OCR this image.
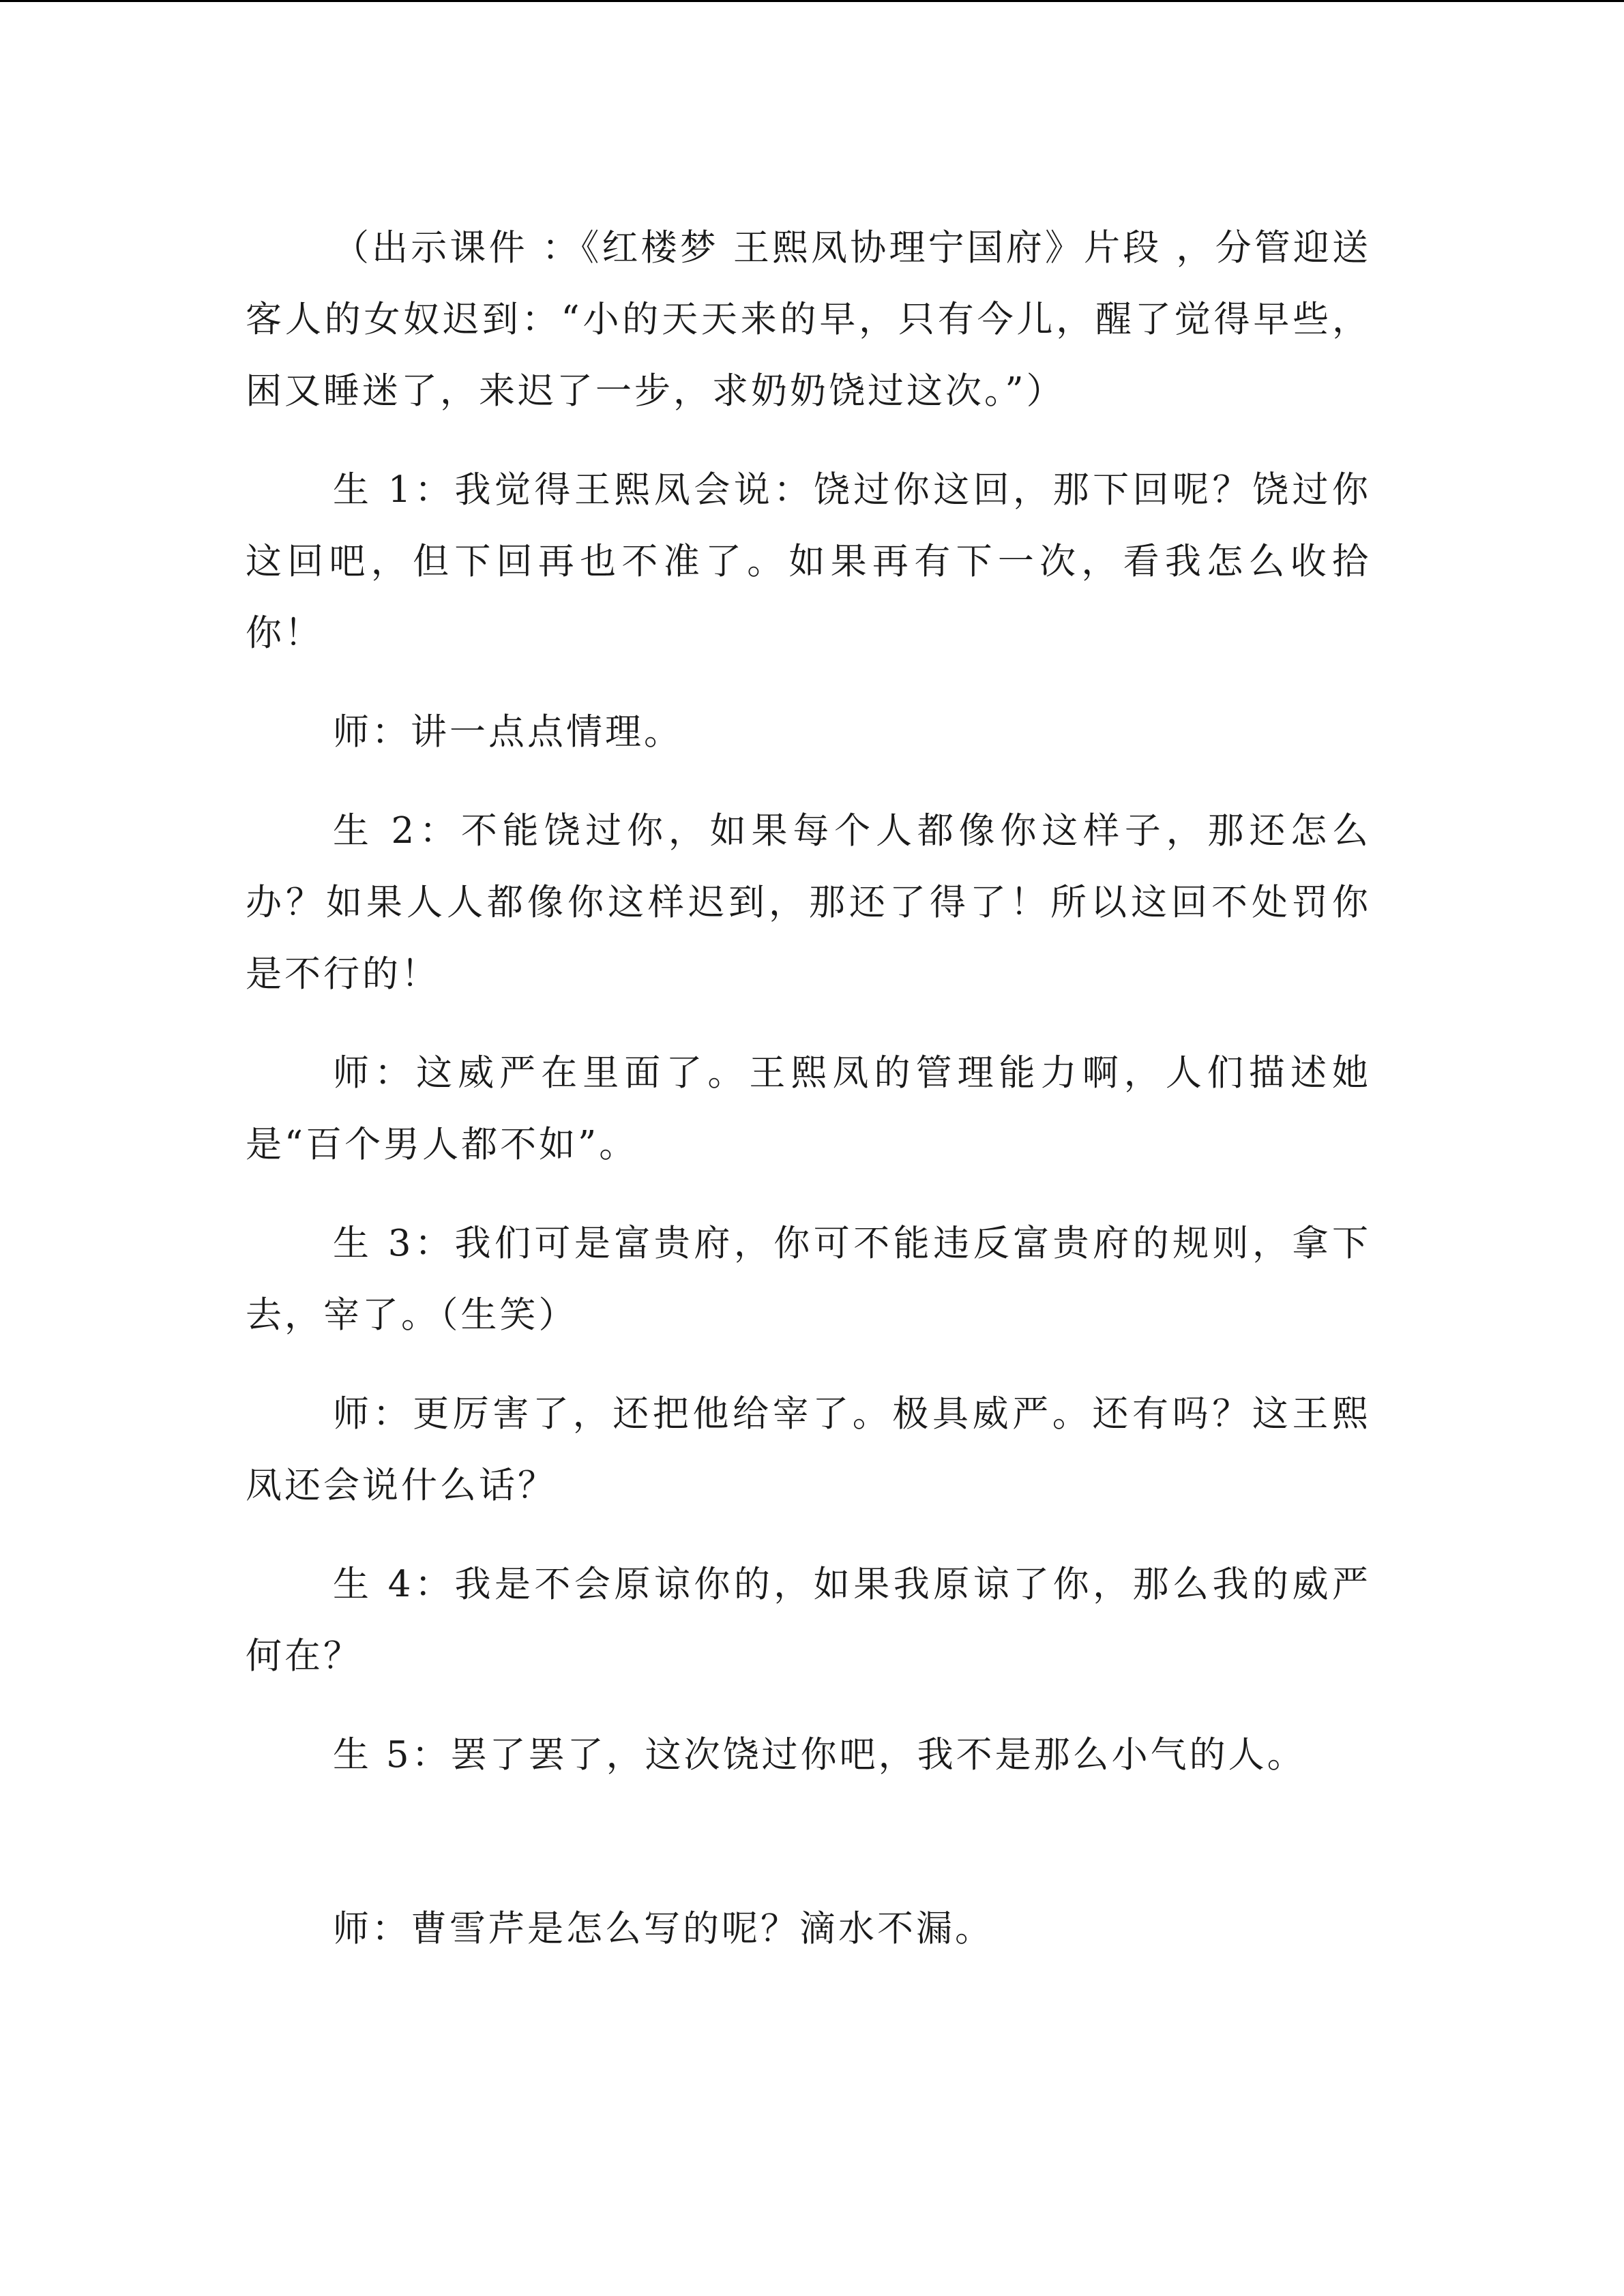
（出示课件 ：《红楼梦 王熙凤协理宁国府》片段 ，分管迎送客人的女奴迟到：“小的天天来的早，只有今儿，醒了觉得早些，困又睡迷了，来迟了一步，求奶奶饶过这次。”）

生 1：我觉得王熙凤会说：饶过你这回，那下回呢？饶过你这回吧，但下回再也不准了。如果再有下一次，看我怎么收拾你！

师：讲一点点情理。

生 2：不能饶过你，如果每个人都像你这样子，那还怎么办？如果人人都像你这样迟到，那还了得了！所以这回不处罚你是不行的！

师：这威严在里面了。王熙凤的管理能力啊，人们描述她是“百个男人都不如”。

生 3：我们可是富贵府，你可不能违反富贵府的规则，拿下去，宰了。（生笑）

师：更厉害了，还把他给宰了。极具威严。还有吗？这王熙凤还会说什么话？

生 4：我是不会原谅你的，如果我原谅了你，那么我的威严何在？

生 5：罢了罢了，这次饶过你吧，我不是那么小气的人。

师：曹雪芹是怎么写的呢？滴水不漏。
